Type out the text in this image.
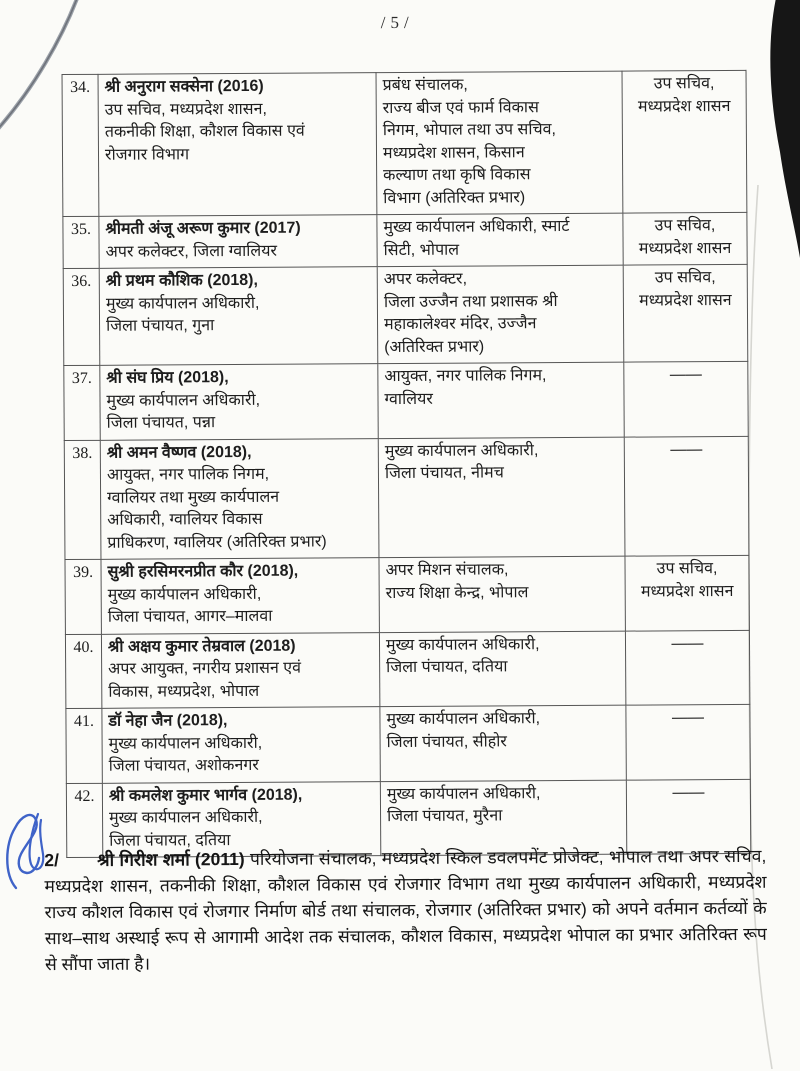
/5/
34.	श्री अनुराग सक्सेना (2016)
उप सचिव, मध्यप्रदेश शासन,
तकनीकी शिक्षा, कौशल विकास एवं
रोजगार विभाग
	प्रबंध संचालक,
राज्य बीज एवं फार्म विकास
निगम, भोपाल तथा उप सचिव,
मध्यप्रदेश शासन, किसान
कल्याण तथा कृषि विकास
विभाग (अतिरिक्त प्रभार)	उप सचिव,
मध्यप्रदेश शासन
35.	श्रीमती अंजू अरूण कुमार (2017)
अपर कलेक्टर, जिला ग्वालियर
	मुख्य कार्यपालन अधिकारी, स्मार्ट
सिटी, भोपाल	उप सचिव,
मध्यप्रदेश शासन
36.	श्री प्रथम कौशिक (2018),
मुख्य कार्यपालन अधिकारी,
जिला पंचायत, गुना
	अपर कलेक्टर,
जिला उज्जैन तथा प्रशासक श्री
महाकालेश्वर मंदिर, उज्जैन
(अतिरिक्त प्रभार)	उप सचिव,
मध्यप्रदेश शासन
37.	श्री संघ प्रिय (2018),
मुख्य कार्यपालन अधिकारी,
जिला पंचायत, पन्ना
	आयुक्त, नगर पालिक निगम,
ग्वालियर	——
38.	श्री अमन वैष्णव (2018),
आयुक्त, नगर पालिक निगम,
ग्वालियर तथा मुख्य कार्यपालन
अधिकारी, ग्वालियर विकास
प्राधिकरण, ग्वालियर (अतिरिक्त प्रभार)
	मुख्य कार्यपालन अधिकारी,
जिला पंचायत, नीमच	——
39.	सुश्री हरसिमरनप्रीत कौर (2018),
मुख्य कार्यपालन अधिकारी,
जिला पंचायत, आगर–मालवा
	अपर मिशन संचालक,
राज्य शिक्षा केन्द्र, भोपाल	उप सचिव,
मध्यप्रदेश शासन
40.	श्री अक्षय कुमार तेम्रवाल (2018)
अपर आयुक्त, नगरीय प्रशासन एवं
विकास, मध्यप्रदेश, भोपाल
	मुख्य कार्यपालन अधिकारी,
जिला पंचायत, दतिया	——
41.	डॉ नेहा जैन (2018),
मुख्य कार्यपालन अधिकारी,
जिला पंचायत, अशोकनगर
	मुख्य कार्यपालन अधिकारी,
जिला पंचायत, सीहोर	——
42.	श्री कमलेश कुमार भार्गव (2018),
मुख्य कार्यपालन अधिकारी,
जिला पंचायत, दतिया
	मुख्य कार्यपालन अधिकारी,
जिला पंचायत, मुरैना	——

2/ श्री गिरीश शर्मा (2011) परियोजना संचालक, मध्यप्रदेश स्किल डवलपमेंट प्रोजेक्ट, भोपाल तथा अपर सचिव, मध्यप्रदेश शासन, तकनीकी शिक्षा, कौशल विकास एवं रोजगार विभाग तथा मुख्य कार्यपालन अधिकारी, मध्यप्रदेश राज्य कौशल विकास एवं रोजगार निर्माण बोर्ड तथा संचालक, रोजगार (अतिरिक्त प्रभार) को अपने वर्तमान कर्तव्यों के साथ–साथ अस्थाई रूप से आगामी आदेश तक संचालक, कौशल विकास, मध्यप्रदेश भोपाल का प्रभार अतिरिक्त रूप से सौंपा जाता है।
